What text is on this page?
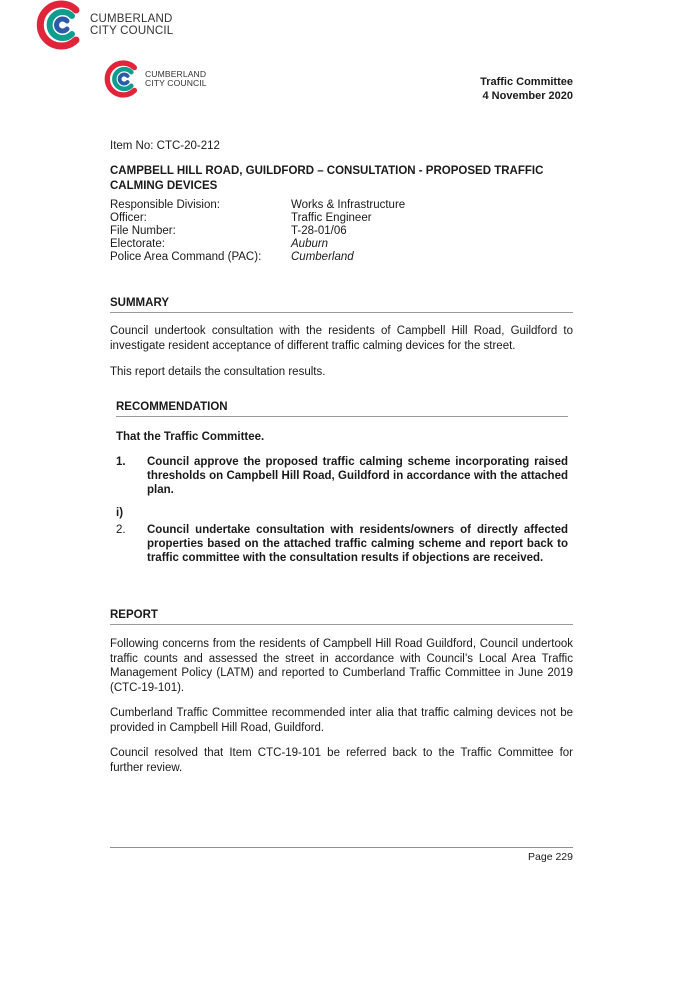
CUMBERLAND
CITY COUNCIL
CUMBERLAND
CITY COUNCIL	Traffic Committee
4 November 2020
Item No: CTC-20-212
CAMPBELL HILL ROAD, GUILDFORD – CONSULTATION - PROPOSED TRAFFIC
CALMING DEVICES
Responsible Division:	Works & Infrastructure
Officer:	Traffic Engineer
File Number:	T-28-01/06
Electorate:	Auburn
Police Area Command (PAC):	Cumberland
SUMMARY
Council undertook consultation with the residents of Campbell Hill Road, Guildford to investigate resident acceptance of different traffic calming devices for the street.
This report details the consultation results.
RECOMMENDATION
That the Traffic Committee.
1.	Council approve the proposed traffic calming scheme incorporating raised thresholds on Campbell Hill Road, Guildford in accordance with the attached plan.
i)
2.	Council undertake consultation with residents/owners of directly affected properties based on the attached traffic calming scheme and report back to traffic committee with the consultation results if objections are received.
REPORT
Following concerns from the residents of Campbell Hill Road Guildford, Council undertook traffic counts and assessed the street in accordance with Council’s Local Area Traffic Management Policy (LATM) and reported to Cumberland Traffic Committee in June 2019 (CTC-19-101).
Cumberland Traffic Committee recommended inter alia that traffic calming devices not be provided in Campbell Hill Road, Guildford.
Council resolved that Item CTC-19-101 be referred back to the Traffic Committee for further review.
Page 229
